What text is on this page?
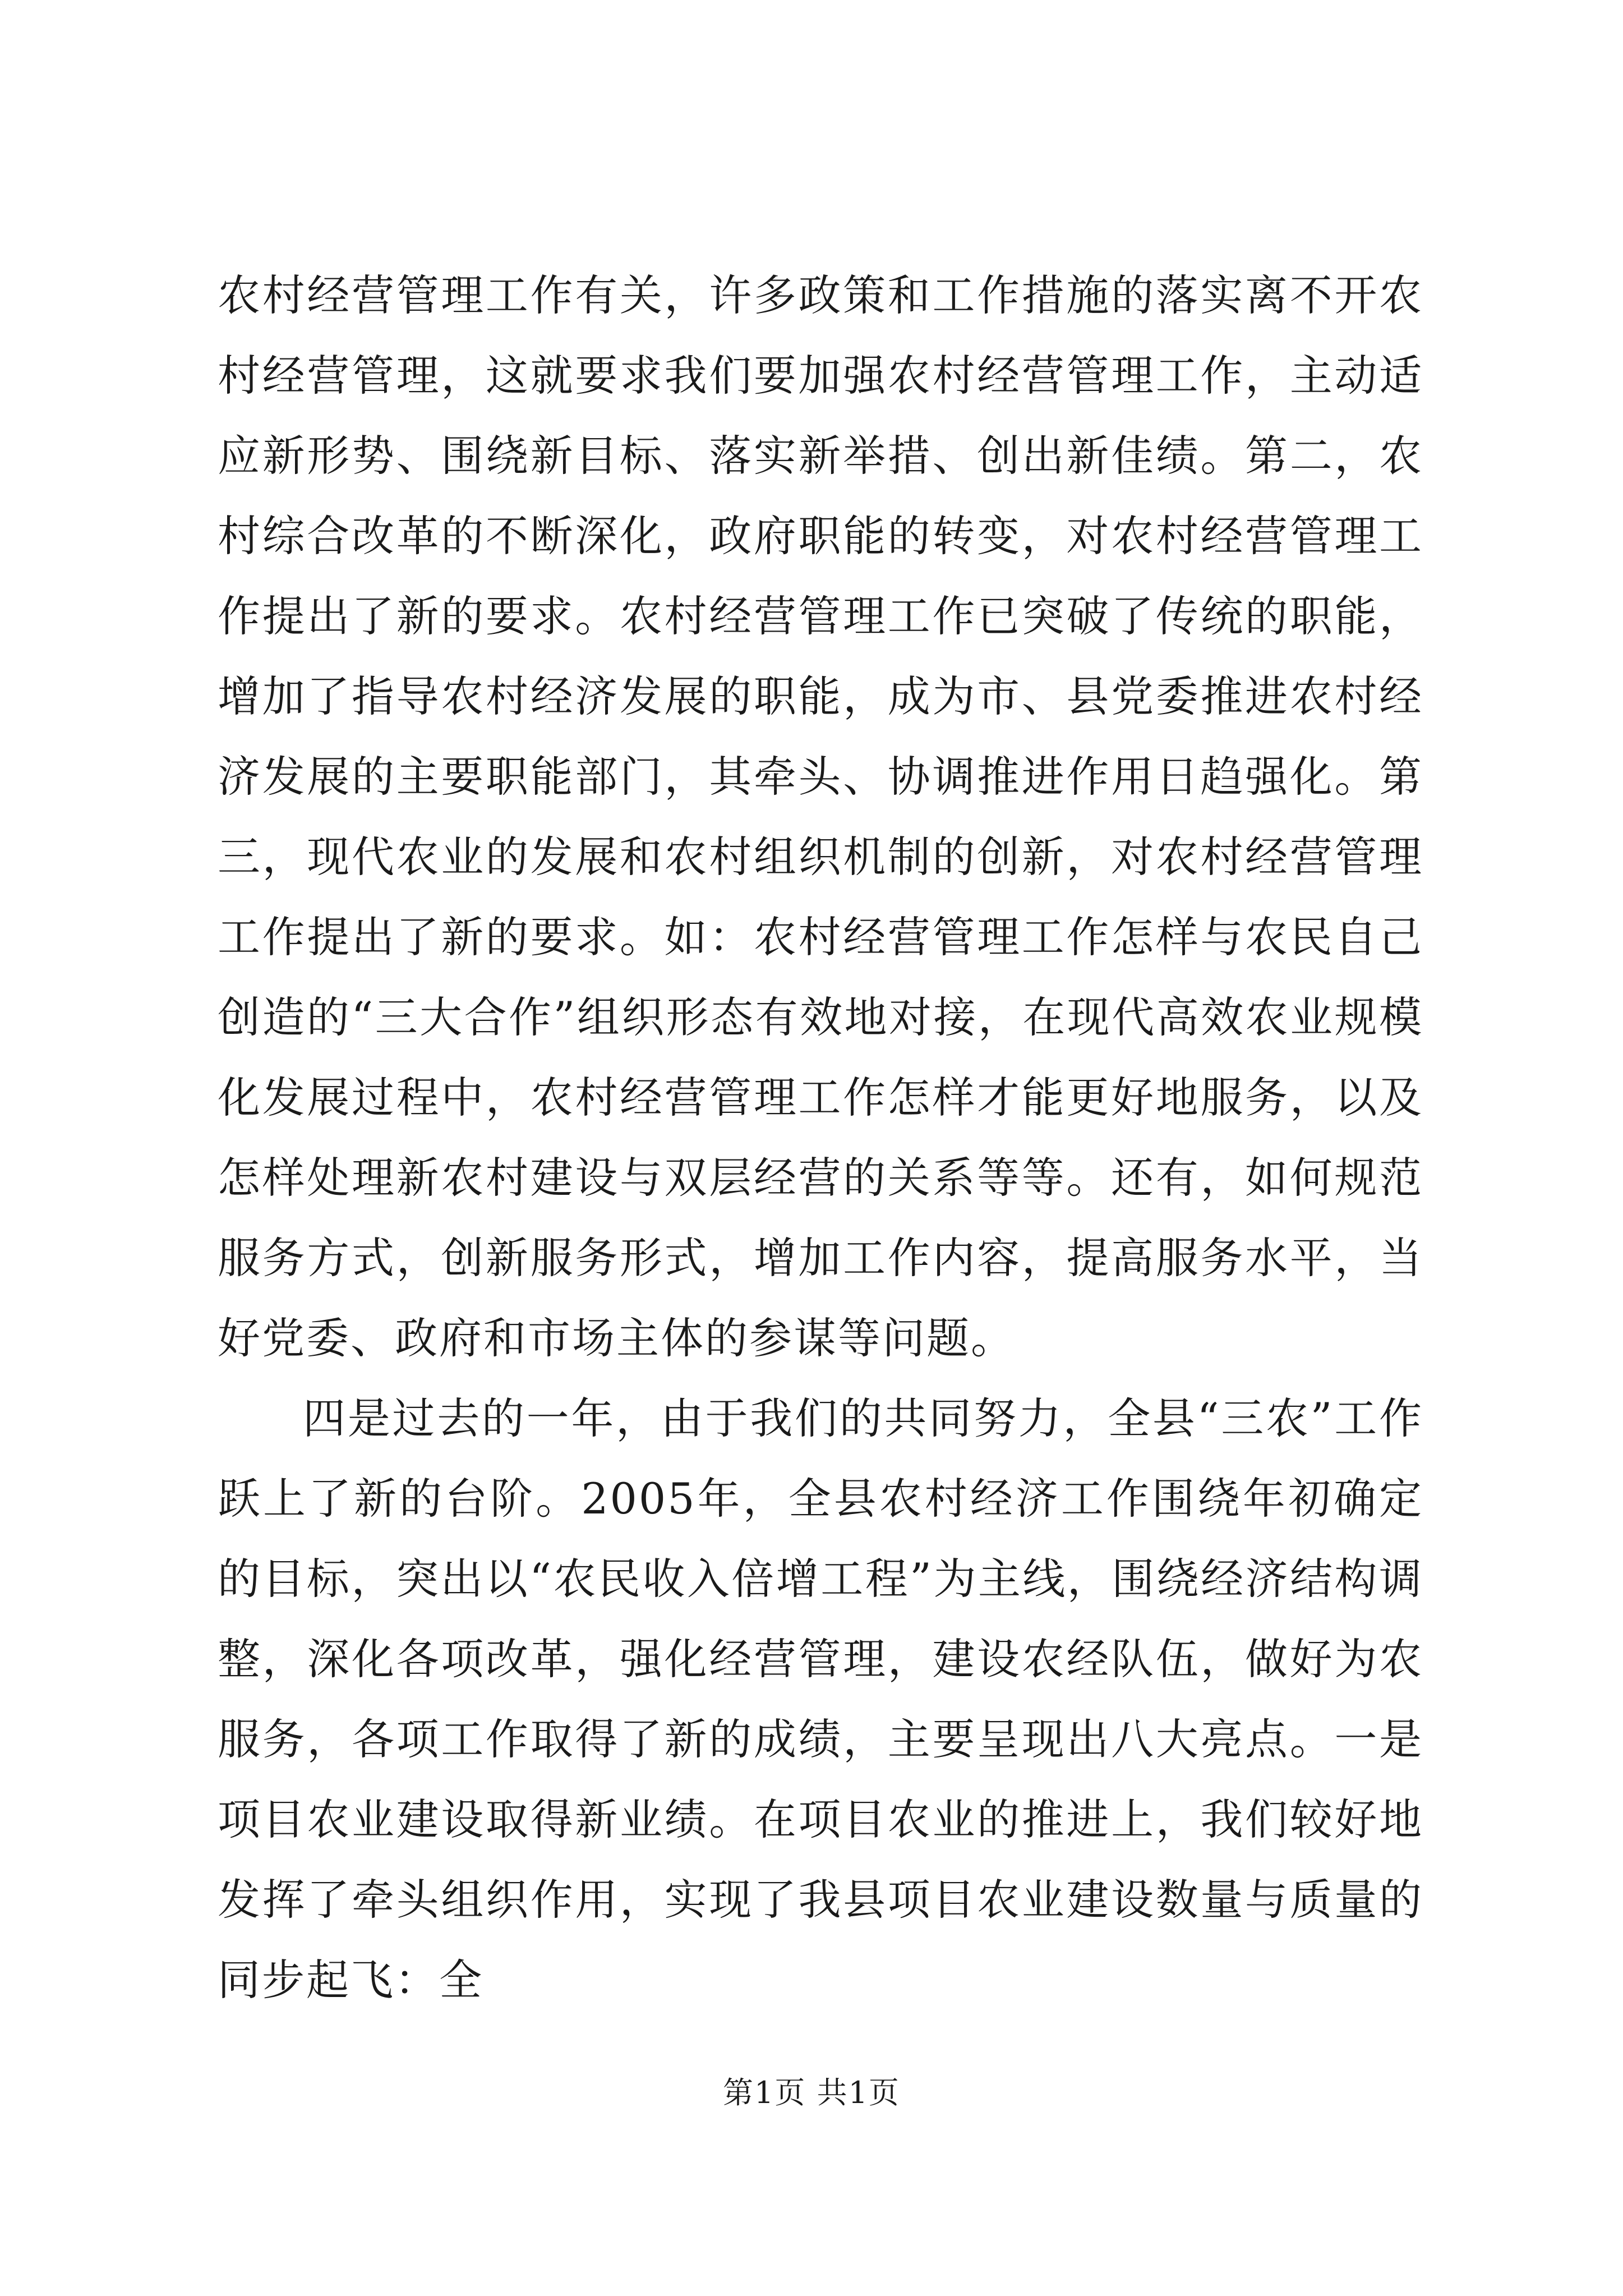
农村经营管理工作有关，许多政策和工作措施的落实离不开农村经营管理，这就要求我们要加强农村经营管理工作，主动适应新形势、围绕新目标、落实新举措、创出新佳绩。第二，农村综合改革的不断深化，政府职能的转变，对农村经营管理工作提出了新的要求。农村经营管理工作已突破了传统的职能，增加了指导农村经济发展的职能，成为市、县党委推进农村经济发展的主要职能部门，其牵头、协调推进作用日趋强化。第三，现代农业的发展和农村组织机制的创新，对农村经营管理工作提出了新的要求。如：农村经营管理工作怎样与农民自己创造的“三大合作”组织形态有效地对接，在现代高效农业规模化发展过程中，农村经营管理工作怎样才能更好地服务，以及怎样处理新农村建设与双层经营的关系等等。还有，如何规范服务方式，创新服务形式，增加工作内容，提高服务水平，当好党委、政府和市场主体的参谋等问题。

四是过去的一年，由于我们的共同努力，全县“三农”工作跃上了新的台阶。2005年，全县农村经济工作围绕年初确定的目标，突出以“农民收入倍增工程”为主线，围绕经济结构调整，深化各项改革，强化经营管理，建设农经队伍，做好为农服务，各项工作取得了新的成绩，主要呈现出八大亮点。一是项目农业建设取得新业绩。在项目农业的推进上，我们较好地发挥了牵头组织作用，实现了我县项目农业建设数量与质量的同步起飞：全

第1页 共1页
